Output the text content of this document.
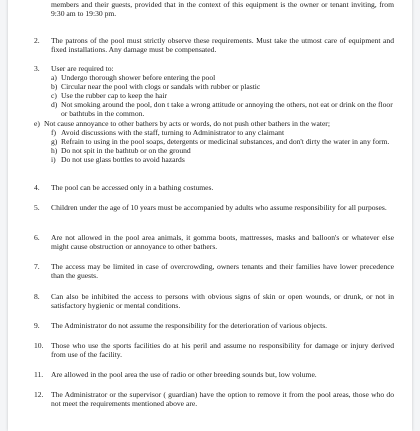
members and their guests, provided that in the context of this equipment is the owner or tenant inviting, from 9:30 am to 19:30 pm.
2. The patrons of the pool must strictly observe these requirements. Must take the utmost care of equipment and fixed installations. Any damage must be compensated.
3. User are required to:
a) Undergo thorough shower before entering the pool
b) Circular near the pool with clogs or sandals with rubber or plastic
c) Use the rubber cap to keep the hair
d) Not smoking around the pool, don t take a wrong attitude or annoying the others, not eat or drink on the floor or bathtubs in the common.
e) Not cause annoyance to other bathers by acts or words, do not push other bathers in the water;
f) Avoid discussions with the staff, turning to Administrator to any claimant
g) Refrain to using in the pool soaps, detergents or medicinal substances, and don't dirty the water in any form.
h) Do not spit in the bathtub or on the ground
i) Do not use glass bottles to avoid hazards
4. The pool can be accessed only in a bathing costumes.
5. Children under the age of 10 years must be accompanied by adults who assume responsibility for all purposes.
6. Are not allowed in the pool area animals, it gomma boots, mattresses, masks and balloon's or whatever else might cause obstruction or annoyance to other bathers.
7. The access may be limited in case of overcrowding, owners tenants and their families have lower precedence than the guests.
8. Can also be inhibited the access to persons with obvious signs of skin or open wounds, or drunk, or not in satisfactory hygienic or mental conditions.
9. The Administrator do not assume the responsibility for the deterioration of various objects.
10. Those who use the sports facilities do at his peril and assume no responsibility for damage or injury derived from use of the facility.
11. Are allowed in the pool area the use of radio or other breeding sounds but, low volume.
12. The Administrator or the supervisor ( guardian) have the option to remove it from the pool areas, those who do not meet the requirements mentioned above are.
